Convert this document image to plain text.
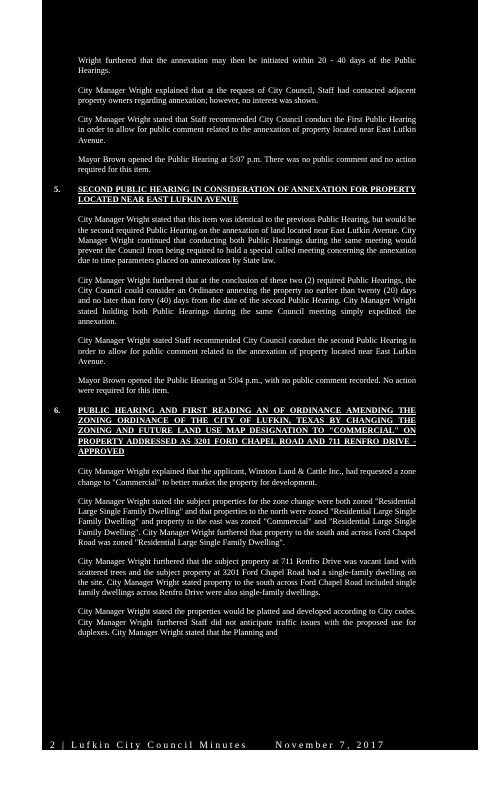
Wright furthered that the annexation may then be initiated within 20 - 40 days of the Public Hearings.

City Manager Wright explained that at the request of City Council, Staff had contacted adjacent property owners regarding annexation; however, no interest was shown.

City Manager Wright stated that Staff recommended City Council conduct the First Public Hearing in order to allow for public comment related to the annexation of property located near East Lufkin Avenue.

Mayor Brown opened the Public Hearing at 5:07 p.m. There was no public comment and no action required for this item.

5. SECOND PUBLIC HEARING IN CONSIDERATION OF ANNEXATION FOR PROPERTY LOCATED NEAR EAST LUFKIN AVENUE

City Manager Wright stated that this item was identical to the previous Public Hearing, but would be the second required Public Hearing on the annexation of land located near East Lufkin Avenue. City Manager Wright continued that conducting both Public Hearings during the same meeting would prevent the Council from being required to hold a special called meeting concerning the annexation due to time parameters placed on annexations by State law.

City Manager Wright furthered that at the conclusion of these two (2) required Public Hearings, the City Council could consider an Ordinance annexing the property no earlier than twenty (20) days and no later than forty (40) days from the date of the second Public Hearing. City Manager Wright stated holding both Public Hearings during the same Council meeting simply expedited the annexation.

City Manager Wright stated Staff recommended City Council conduct the second Public Hearing in order to allow for public comment related to the annexation of property located near East Lufkin Avenue.

Mayor Brown opened the Public Hearing at 5:04 p.m., with no public comment recorded. No action were required for this item.

6. PUBLIC HEARING AND FIRST READING AN OF ORDINANCE AMENDING THE ZONING ORDINANCE OF THE CITY OF LUFKIN, TEXAS BY CHANGING THE ZONING AND FUTURE LAND USE MAP DESIGNATION TO "COMMERCIAL" ON PROPERTY ADDRESSED AS 3201 FORD CHAPEL ROAD AND 711 RENFRO DRIVE - APPROVED

City Manager Wright explained that the applicant, Winston Land & Cattle Inc., had requested a zone change to "Commercial" to better market the property for development.

City Manager Wright stated the subject properties for the zone change were both zoned "Residential Large Single Family Dwelling" and that properties to the north were zoned "Residential Large Single Family Dwelling" and property to the east was zoned "Commercial" and "Residential Large Single Family Dwelling". City Manager Wright furthered that property to the south and across Ford Chapel Road was zoned "Residential Large Single Family Dwelling".

City Manager Wright furthered that the subject property at 711 Renfro Drive was vacant land with scattered trees and the subject property at 3201 Ford Chapel Road had a single-family dwelling on the site. City Manager Wright stated property to the south across Ford Chapel Road included single family dwellings across Renfro Drive were also single-family dwellings.

City Manager Wright stated the properties would be platted and developed according to City codes. City Manager Wright furthered Staff did not anticipate traffic issues with the proposed use for duplexes. City Manager Wright stated that the Planning and

2 | Lufkin City Council Minutes	November 7, 2017
